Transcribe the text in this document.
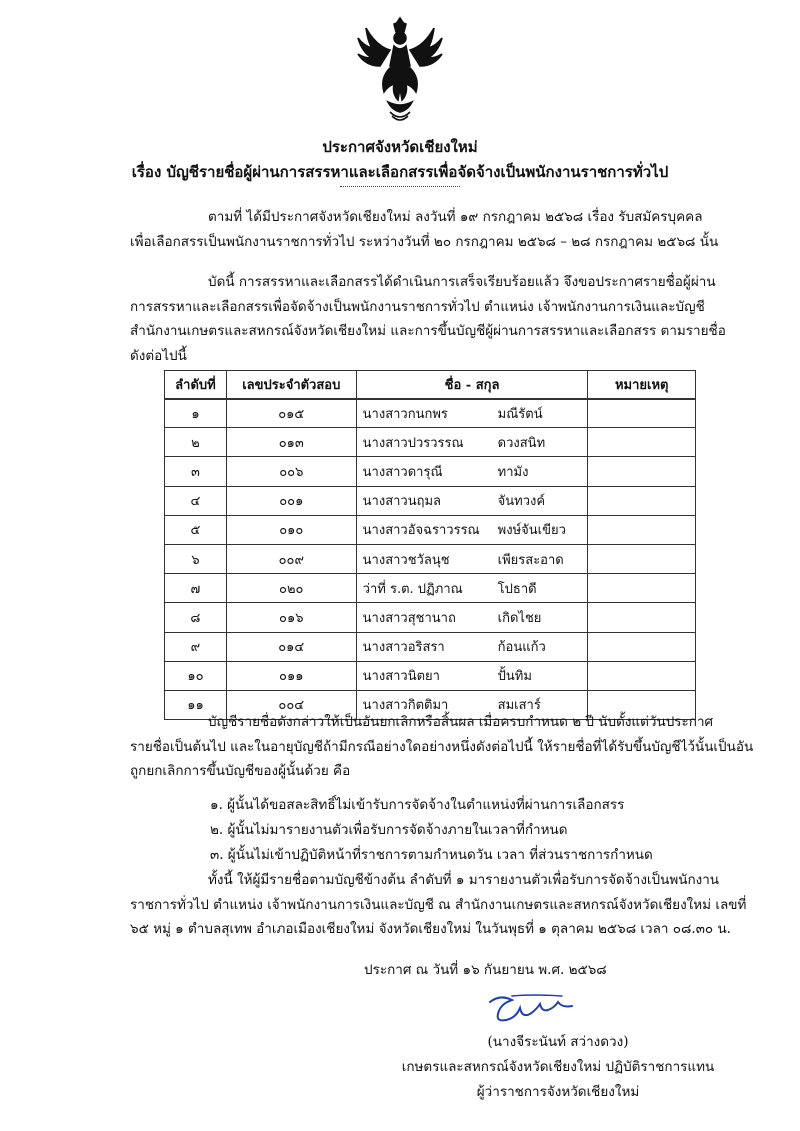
ประกาศจังหวัดเชียงใหม่
เรื่อง บัญชีรายชื่อผู้ผ่านการสรรหาและเลือกสรรเพื่อจัดจ้างเป็นพนักงานราชการทั่วไป
ตามที่ ได้มีประกาศจังหวัดเชียงใหม่ ลงวันที่ ๑๙ กรกฎาคม ๒๕๖๘ เรื่อง รับสมัครบุคคล
เพื่อเลือกสรรเป็นพนักงานราชการทั่วไป ระหว่างวันที่ ๒๐ กรกฎาคม ๒๕๖๘ – ๒๘ กรกฎาคม ๒๕๖๘ นั้น
บัดนี้ การสรรหาและเลือกสรรได้ดำเนินการเสร็จเรียบร้อยแล้ว จึงขอประกาศรายชื่อผู้ผ่าน
การสรรหาและเลือกสรรเพื่อจัดจ้างเป็นพนักงานราชการทั่วไป ตำแหน่ง เจ้าพนักงานการเงินและบัญชี
สำนักงานเกษตรและสหกรณ์จังหวัดเชียงใหม่ และการขึ้นบัญชีผู้ผ่านการสรรหาและเลือกสรร ตามรายชื่อ
ดังต่อไปนี้
ลำดับที่	เลขประจำตัวสอบ	ชื่อ - สกุล	หมายเหตุ
๑	๐๑๕	นางสาวกนกพร มณีรัตน์	
๒	๐๑๓	นางสาวปวรวรรณ ดวงสนิท	
๓	๐๐๖	นางสาวดารุณี ทามัง	
๔	๐๐๑	นางสาวนฤมล จันทวงค์	
๕	๐๑๐	นางสาวอัจฉราวรรณ พงษ์จันเขียว	
๖	๐๐๙	นางสาวชวัลนุช เพียรสะอาด	
๗	๐๒๐	ว่าที่ ร.ต. ปฏิภาณ โปธาดี	
๘	๐๑๖	นางสาวสุชานาถ เกิดไชย	
๙	๐๑๔	นางสาวอริสรา ก้อนแก้ว	
๑๐	๐๑๑	นางสาวนิตยา ปั้นทิม	
๑๑	๐๐๔	นางสาวกิตติมา สมเสาร์	
บัญชีรายชื่อดังกล่าวให้เป็นอันยกเลิกหรือสิ้นผล เมื่อครบกำหนด ๒ ปี นับตั้งแต่วันประกาศ
รายชื่อเป็นต้นไป และในอายุบัญชีถ้ามีกรณีอย่างใดอย่างหนึ่งดังต่อไปนี้ ให้รายชื่อที่ได้รับขึ้นบัญชีไว้นั้นเป็นอัน
ถูกยกเลิกการขึ้นบัญชีของผู้นั้นด้วย คือ
๑. ผู้นั้นได้ขอสละสิทธิ์ไม่เข้ารับการจัดจ้างในตำแหน่งที่ผ่านการเลือกสรร
๒. ผู้นั้นไม่มารายงานตัวเพื่อรับการจัดจ้างภายในเวลาที่กำหนด
๓. ผู้นั้นไม่เข้าปฏิบัติหน้าที่ราชการตามกำหนดวัน เวลา ที่ส่วนราชการกำหนด
ทั้งนี้ ให้ผู้มีรายชื่อตามบัญชีข้างต้น ลำดับที่ ๑ มารายงานตัวเพื่อรับการจัดจ้างเป็นพนักงาน
ราชการทั่วไป ตำแหน่ง เจ้าพนักงานการเงินและบัญชี ณ สำนักงานเกษตรและสหกรณ์จังหวัดเชียงใหม่ เลขที่
๖๕ หมู่ ๑ ตำบลสุเทพ อำเภอเมืองเชียงใหม่ จังหวัดเชียงใหม่ ในวันพุธที่ ๑ ตุลาคม ๒๕๖๘ เวลา ๐๘.๓๐ น.
ประกาศ ณ วันที่ ๑๖ กันยายน พ.ศ. ๒๕๖๘
(นางจีระนันท์ สว่างดวง)
เกษตรและสหกรณ์จังหวัดเชียงใหม่ ปฏิบัติราชการแทน
ผู้ว่าราชการจังหวัดเชียงใหม่
